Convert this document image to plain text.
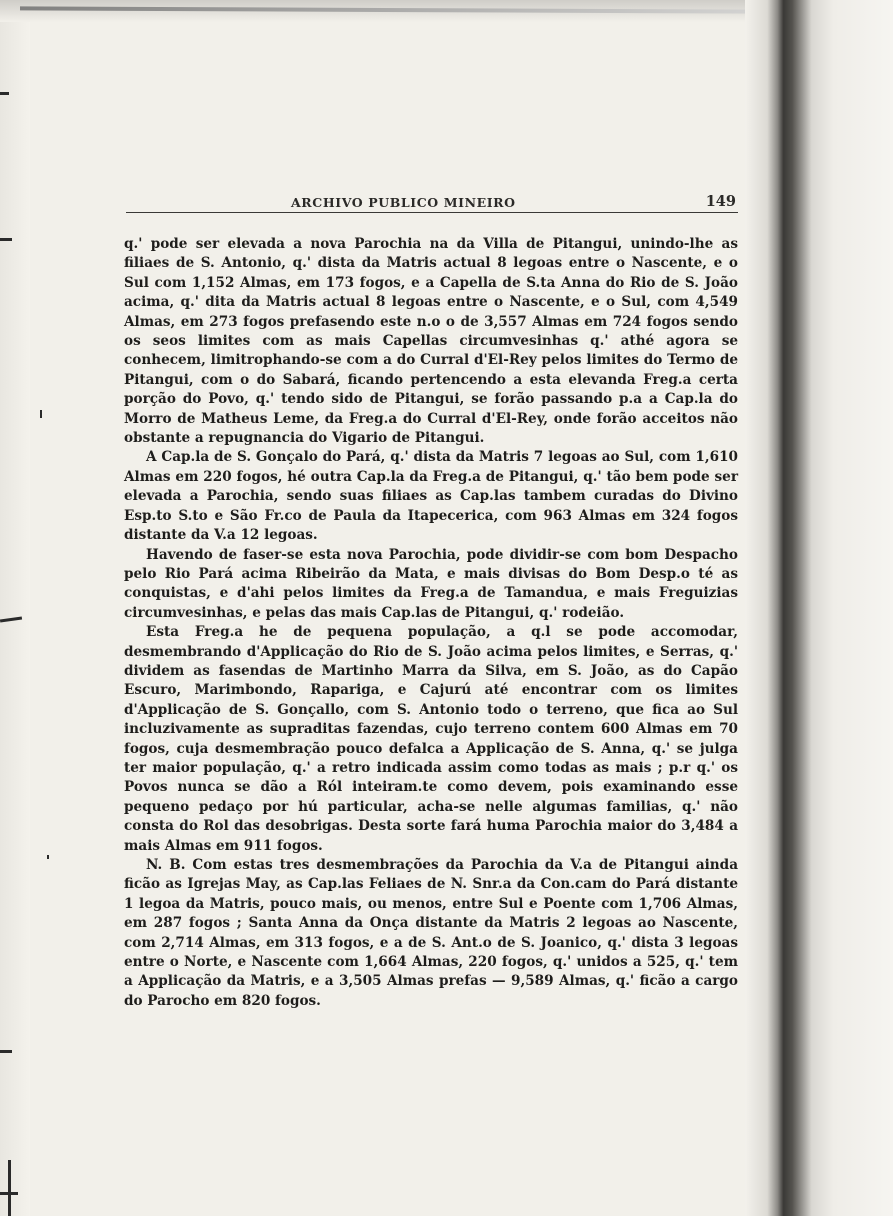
ARCHIVO PUBLICO MINEIRO	149

q.' pode ser elevada a nova Parochia na da Villa de Pitangui, unindo-lhe as filiaes de S. Antonio, q.' dista da Matris actual 8 legoas entre o Nascente, e o Sul com 1,152 Almas, em 173 fogos, e a Capella de S.ta Anna do Rio de S. João acima, q.' dita da Matris actual 8 legoas entre o Nascente, e o Sul, com 4,549 Almas, em 273 fogos prefasendo este n.o o de 3,557 Almas em 724 fogos sendo os seos limites com as mais Capellas circumvesinhas q.' athé agora se conhecem, limitrophando-se com a do Curral d'El-Rey pelos limites do Termo de Pitangui, com o do Sabará, ficando pertencendo a esta elevanda Freg.a certa porção do Povo, q.' tendo sido de Pitangui, se forão passando p.a a Cap.la do Morro de Matheus Leme, da Freg.a do Curral d'El-Rey, onde forão acceitos não obstante a repugnancia do Vigario de Pitangui.

A Cap.la de S. Gonçalo do Pará, q.' dista da Matris 7 legoas ao Sul, com 1,610 Almas em 220 fogos, hé outra Cap.la da Freg.a de Pitangui, q.' tão bem pode ser elevada a Parochia, sendo suas filiaes as Cap.las tambem curadas do Divino Esp.to S.to e São Fr.co de Paula da Itapecerica, com 963 Almas em 324 fogos distante da V.a 12 legoas.

Havendo de faser-se esta nova Parochia, pode dividir-se com bom Despacho pelo Rio Pará acima Ribeirão da Mata, e mais divisas do Bom Desp.o té as conquistas, e d'ahi pelos limites da Freg.a de Tamandua, e mais Freguizias circumvesinhas, e pelas das mais Cap.las de Pitangui, q.' rodeião.

Esta Freg.a he de pequena população, a q.l se pode accomodar, desmembrando d'Applicação do Rio de S. João acima pelos limites, e Serras, q.' dividem as fasendas de Martinho Marra da Silva, em S. João, as do Capão Escuro, Marimbondo, Rapariga, e Cajurú até encontrar com os limites d'Applicação de S. Gonçallo, com S. Antonio todo o terreno, que fica ao Sul incluzivamente as supraditas fazendas, cujo terreno contem 600 Almas em 70 fogos, cuja desmembração pouco defalca a Applicação de S. Anna, q.' se julga ter maior população, q.' a retro indicada assim como todas as mais ; p.r q.' os Povos nunca se dão a Ról inteiram.te como devem, pois examinando esse pequeno pedaço por hú particular, acha-se nelle algumas familias, q.' não consta do Rol das desobrigas. Desta sorte fará huma Parochia maior do 3,484 a mais Almas em 911 fogos.

N. B. Com estas tres desmembrações da Parochia da V.a de Pitangui ainda ficão as Igrejas May, as Cap.las Feliaes de N. Snr.a da Con.cam do Pará distante 1 legoa da Matris, pouco mais, ou menos, entre Sul e Poente com 1,706 Almas, em 287 fogos ; Santa Anna da Onça distante da Matris 2 legoas ao Nascente, com 2,714 Almas, em 313 fogos, e a de S. Ant.o de S. Joanico, q.' dista 3 legoas entre o Norte, e Nascente com 1,664 Almas, 220 fogos, q.' unidos a 525, q.' tem a Applicação da Matris, e a 3,505 Almas prefas — 9,589 Almas, q.' ficão a cargo do Parocho em 820 fogos.
